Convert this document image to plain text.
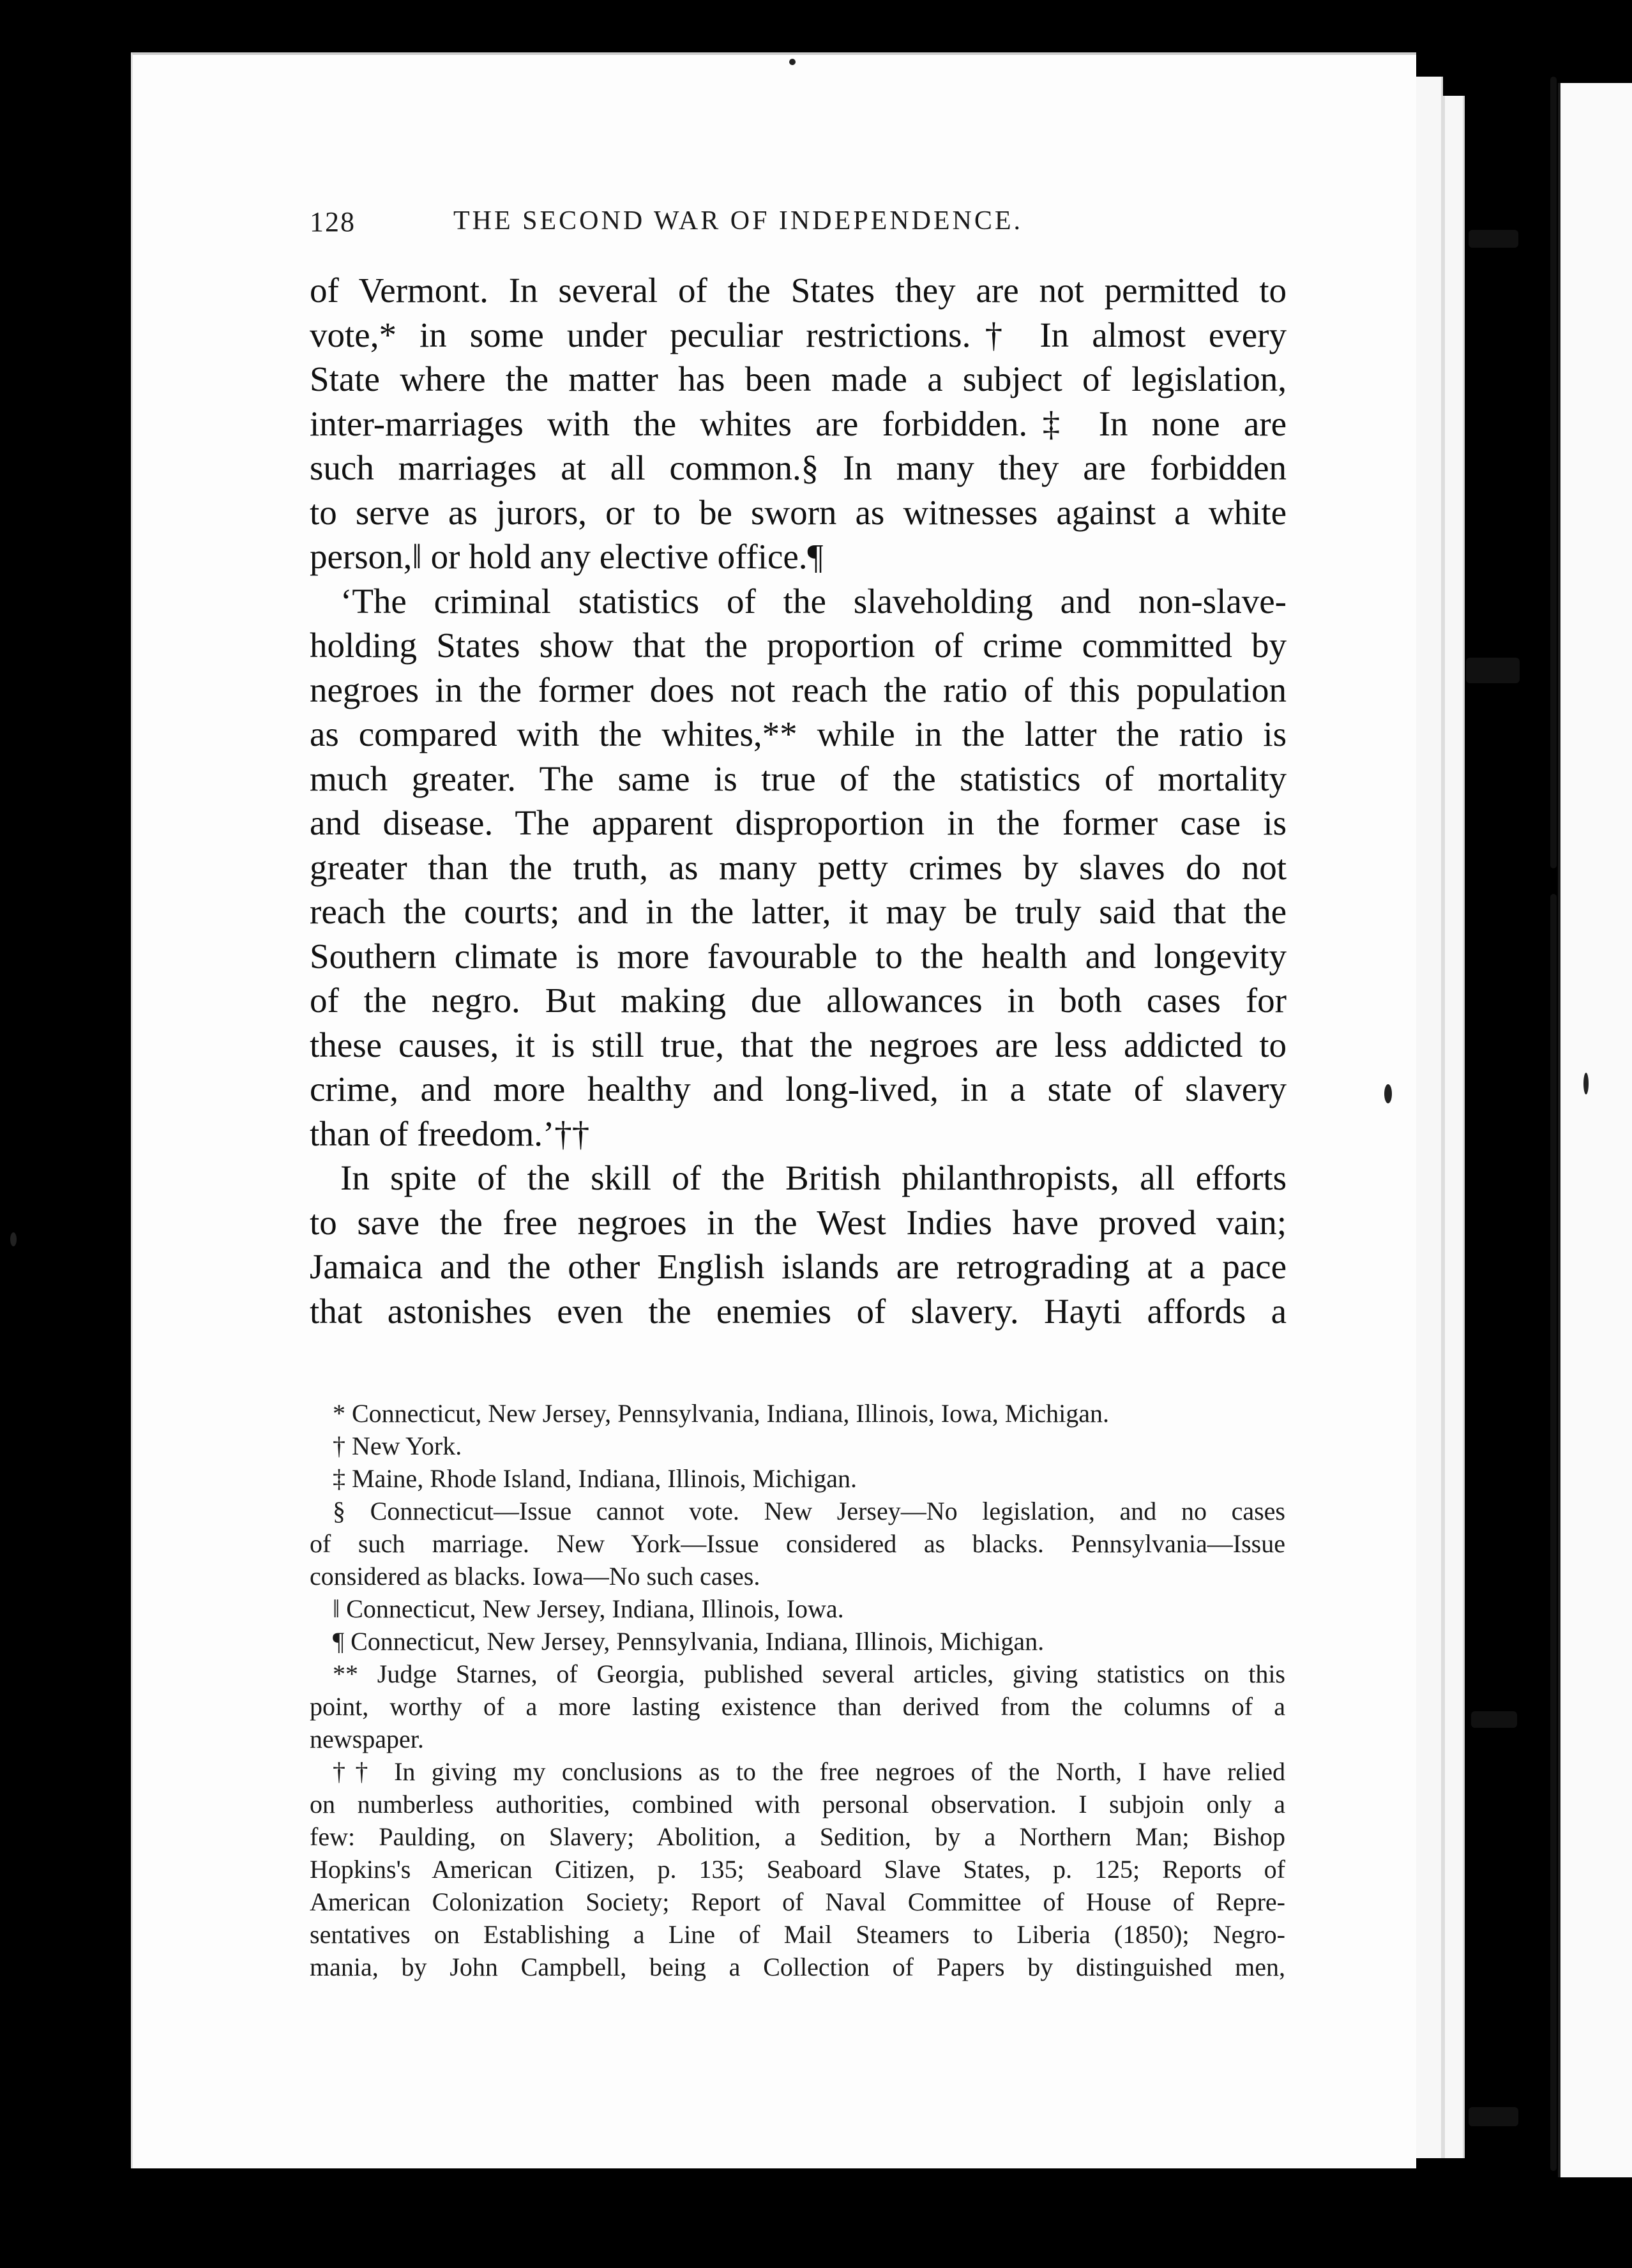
128	THE SECOND WAR OF INDEPENDENCE.
of Vermont. In several of the States they are not permitted to
vote,* in some under peculiar restrictions.† In almost every
State where the matter has been made a subject of legislation,
inter-marriages with the whites are forbidden.‡ In none are
such marriages at all common.§ In many they are forbidden
to serve as jurors, or to be sworn as witnesses against a white
person,‖ or hold any elective office.¶
‘The criminal statistics of the slaveholding and non-slave-
holding States show that the proportion of crime committed by
negroes in the former does not reach the ratio of this population
as compared with the whites,** while in the latter the ratio is
much greater. The same is true of the statistics of mortality
and disease. The apparent disproportion in the former case is
greater than the truth, as many petty crimes by slaves do not
reach the courts; and in the latter, it may be truly said that the
Southern climate is more favourable to the health and longevity
of the negro. But making due allowances in both cases for
these causes, it is still true, that the negroes are less addicted to
crime, and more healthy and long-lived, in a state of slavery
than of freedom.’††
In spite of the skill of the British philanthropists, all efforts
to save the free negroes in the West Indies have proved vain;
Jamaica and the other English islands are retrograding at a pace
that astonishes even the enemies of slavery. Hayti affords a
* Connecticut, New Jersey, Pennsylvania, Indiana, Illinois, Iowa, Michigan.
† New York.
‡ Maine, Rhode Island, Indiana, Illinois, Michigan.
§ Connecticut—Issue cannot vote. New Jersey—No legislation, and no cases
of such marriage. New York—Issue considered as blacks. Pennsylvania—Issue
considered as blacks. Iowa—No such cases.
‖ Connecticut, New Jersey, Indiana, Illinois, Iowa.
¶ Connecticut, New Jersey, Pennsylvania, Indiana, Illinois, Michigan.
** Judge Starnes, of Georgia, published several articles, giving statistics on this
point, worthy of a more lasting existence than derived from the columns of a
newspaper.
†† In giving my conclusions as to the free negroes of the North, I have relied
on numberless authorities, combined with personal observation. I subjoin only a
few: Paulding, on Slavery; Abolition, a Sedition, by a Northern Man; Bishop
Hopkins's American Citizen, p. 135; Seaboard Slave States, p. 125; Reports of
American Colonization Society; Report of Naval Committee of House of Repre-
sentatives on Establishing a Line of Mail Steamers to Liberia (1850); Negro-
mania, by John Campbell, being a Collection of Papers by distinguished men,
